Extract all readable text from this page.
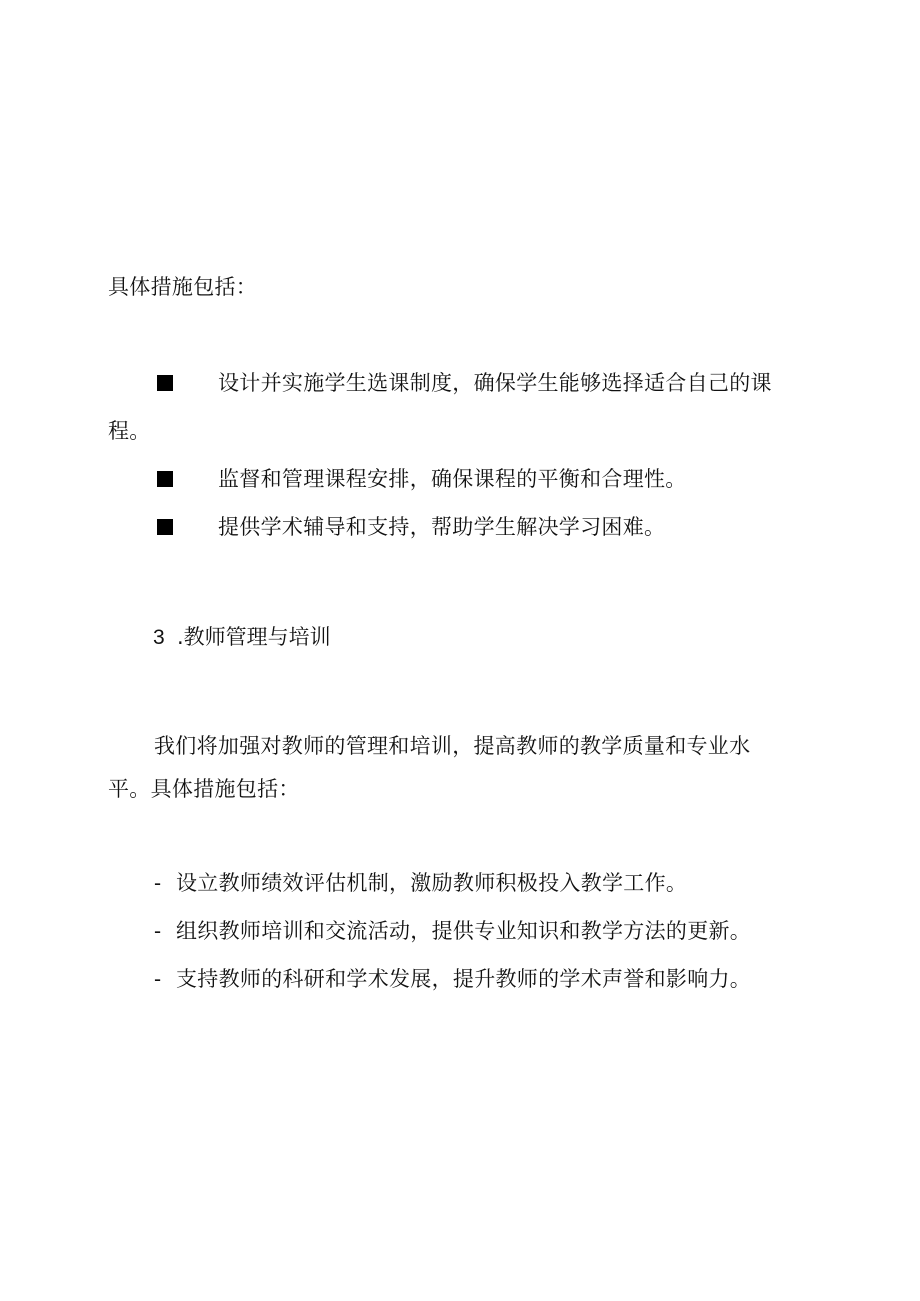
具体措施包括：
设计并实施学生选课制度，确保学生能够选择适合自己的课
程。
监督和管理课程安排，确保课程的平衡和合理性。
提供学术辅导和支持，帮助学生解决学习困难。
3 .教师管理与培训
我们将加强对教师的管理和培训，提高教师的教学质量和专业水
平。具体措施包括：
- 设立教师绩效评估机制，激励教师积极投入教学工作。
- 组织教师培训和交流活动，提供专业知识和教学方法的更新。
- 支持教师的科研和学术发展，提升教师的学术声誉和影响力。
